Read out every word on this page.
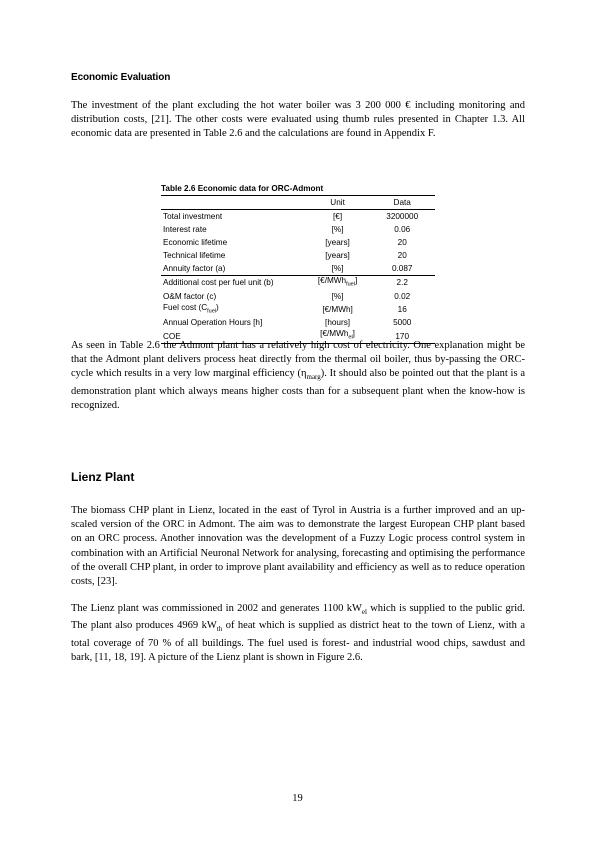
Economic Evaluation

The investment of the plant excluding the hot water boiler was 3 200 000 € including monitoring and distribution costs, [21]. The other costs were evaluated using thumb rules presented in Chapter 1.3. All economic data are presented in Table 2.6 and the calculations are found in Appendix F.

Table 2.6 Economic data for ORC-Admont
	Unit	Data
Total investment	[€]	3200000
Interest rate	[%]	0.06
Economic lifetime	[years]	20
Technical lifetime	[years]	20
Annuity factor (a)	[%]	0.087
Additional cost per fuel unit (b)	[€/MWh$_{fuel}$]	2.2
O&M factor (c)	[%]	0.02
Fuel cost $(C_{fuel})$	[€/MWh]	16
Annual Operation Hours [h]	[hours]	5000
COE	[€/MWh$_{el}$]	170

As seen in Table 2.6 the Admont plant has a relatively high cost of electricity. One explanation might be that the Admont plant delivers process heat directly from the thermal oil boiler, thus by-passing the ORC-cycle which results in a very low marginal efficiency $(\eta_{marg})$. It should also be pointed out that the plant is a demonstration plant which always means higher costs than for a subsequent plant when the know-how is recognized.

Lienz Plant

The biomass CHP plant in Lienz, located in the east of Tyrol in Austria is a further improved and an up-scaled version of the ORC in Admont. The aim was to demonstrate the largest European CHP plant based on an ORC process. Another innovation was the development of a Fuzzy Logic process control system in combination with an Artificial Neuronal Network for analysing, forecasting and optimising the performance of the overall CHP plant, in order to improve plant availability and efficiency as well as to reduce operation costs, [23].

The Lienz plant was commissioned in 2002 and generates 1100 $kW_{el}$ which is supplied to the public grid. The plant also produces 4969 $kW_{th}$ of heat which is supplied as district heat to the town of Lienz, with a total coverage of 70 % of all buildings. The fuel used is forest- and industrial wood chips, sawdust and bark, [11, 18, 19]. A picture of the Lienz plant is shown in Figure 2.6.

19
